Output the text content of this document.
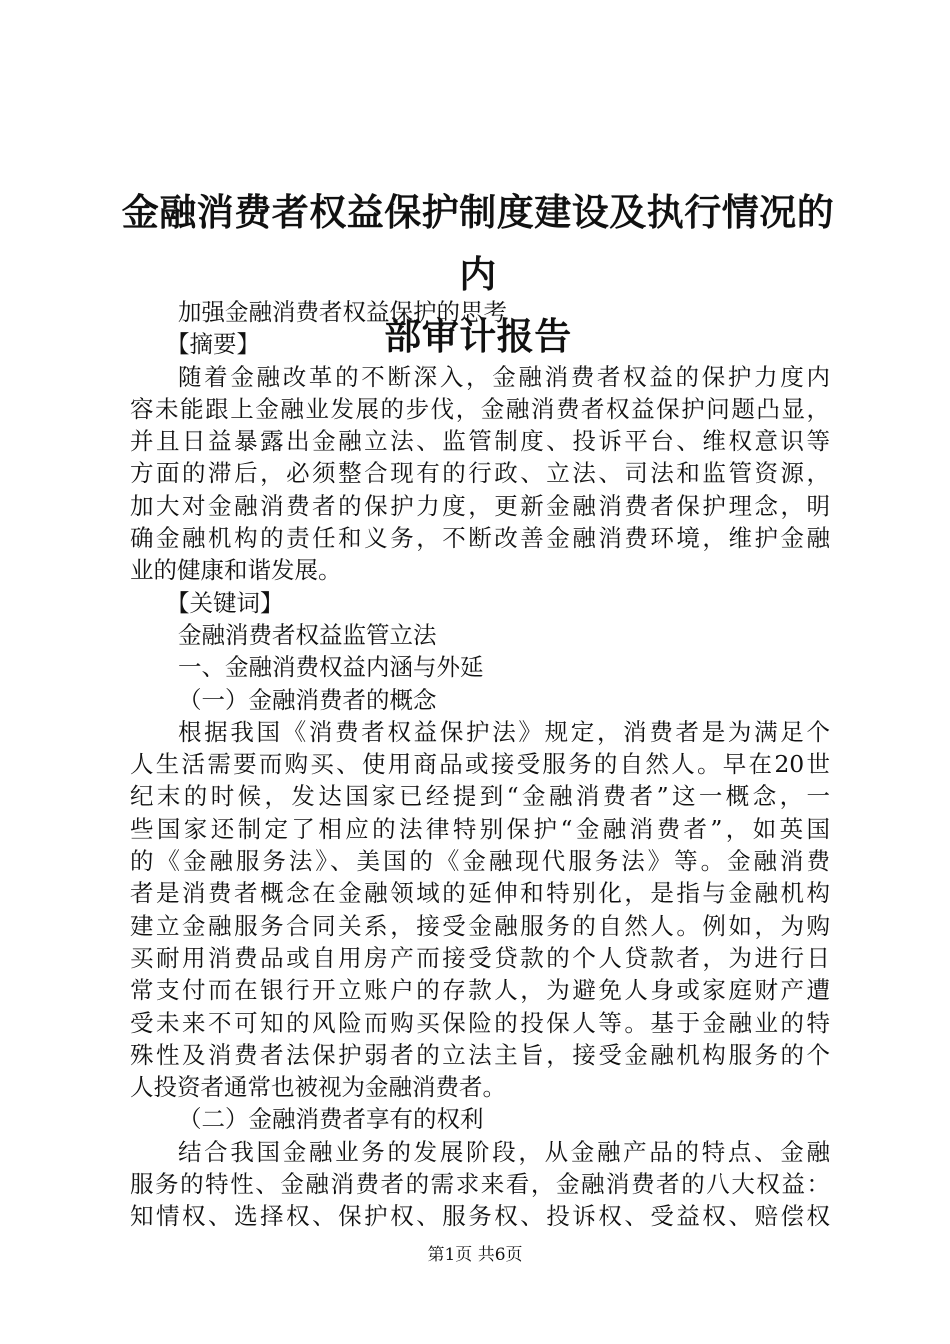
金融消费者权益保护制度建设及执行情况的内
部审计报告

加强金融消费者权益保护的思考

【摘要】

随着金融改革的不断深入，金融消费者权益的保护力度内

容未能跟上金融业发展的步伐，金融消费者权益保护问题凸显，

并且日益暴露出金融立法、监管制度、投诉平台、维权意识等

方面的滞后，必须整合现有的行政、立法、司法和监管资源，

加大对金融消费者的保护力度，更新金融消费者保护理念，明

确金融机构的责任和义务，不断改善金融消费环境，维护金融

业的健康和谐发展。

【关键词】

金融消费者权益监管立法

一、金融消费权益内涵与外延

（一）金融消费者的概念

根据我国《消费者权益保护法》规定，消费者是为满足个

人生活需要而购买、使用商品或接受服务的自然人。早在20世

纪末的时候，发达国家已经提到“金融消费者”这一概念，一

些国家还制定了相应的法律特别保护“金融消费者”，如英国

的《金融服务法》、美国的《金融现代服务法》等。金融消费

者是消费者概念在金融领域的延伸和特别化，是指与金融机构

建立金融服务合同关系，接受金融服务的自然人。例如，为购

买耐用消费品或自用房产而接受贷款的个人贷款者，为进行日

常支付而在银行开立账户的存款人，为避免人身或家庭财产遭

受未来不可知的风险而购买保险的投保人等。基于金融业的特

殊性及消费者法保护弱者的立法主旨，接受金融机构服务的个

人投资者通常也被视为金融消费者。

（二）金融消费者享有的权利

结合我国金融业务的发展阶段，从金融产品的特点、金融

服务的特性、金融消费者的需求来看，金融消费者的八大权益：

知情权、选择权、保护权、服务权、投诉权、受益权、赔偿权

第1页 共6页
